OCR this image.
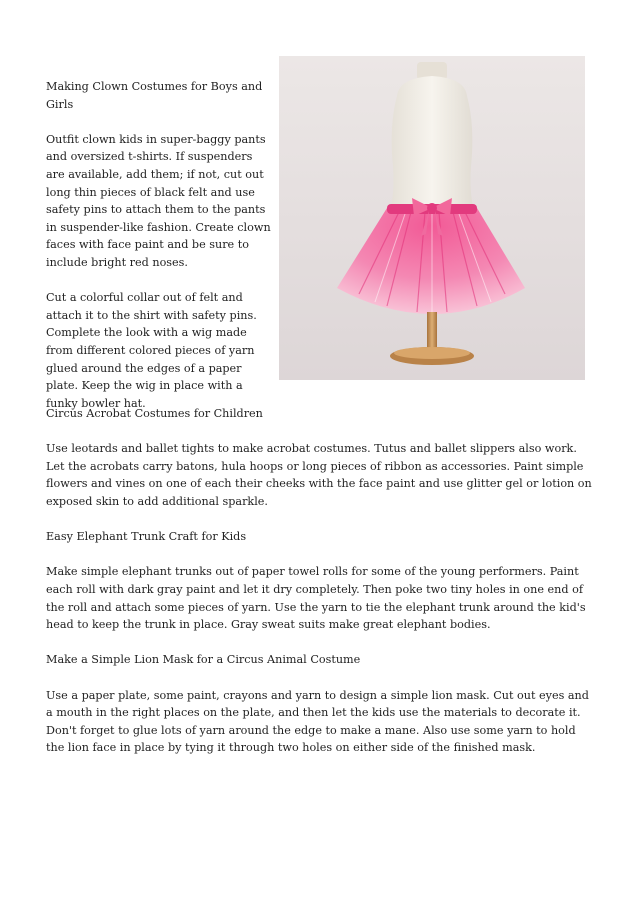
Making Clown Costumes for Boys and Girls

Outfit clown kids in super-baggy pants and oversized t-shirts. If suspenders are available, add them; if not, cut out long thin pieces of black felt and use safety pins to attach them to the pants in suspender-like fashion. Create clown faces with face paint and be sure to include bright red noses.

Cut a colorful collar out of felt and attach it to the shirt with safety pins. Complete the look with a wig made from different colored pieces of yarn glued around the edges of a paper plate. Keep the wig in place with a funky bowler hat.

Circus Acrobat Costumes for Children

Use leotards and ballet tights to make acrobat costumes. Tutus and ballet slippers also work. Let the acrobats carry batons, hula hoops or long pieces of ribbon as accessories. Paint simple flowers and vines on one of each their cheeks with the face paint and use glitter gel or lotion on exposed skin to add additional sparkle.

Easy Elephant Trunk Craft for Kids

Make simple elephant trunks out of paper towel rolls for some of the young performers. Paint each roll with dark gray paint and let it dry completely. Then poke two tiny holes in one end of the roll and attach some pieces of yarn. Use the yarn to tie the elephant trunk around the kid's head to keep the trunk in place. Gray sweat suits make great elephant bodies.

Make a Simple Lion Mask for a Circus Animal Costume

Use a paper plate, some paint, crayons and yarn to design a simple lion mask. Cut out eyes and a mouth in the right places on the plate, and then let the kids use the materials to decorate it. Don't forget to glue lots of yarn around the edge to make a mane. Also use some yarn to hold the lion face in place by tying it through two holes on either side of the finished mask.
